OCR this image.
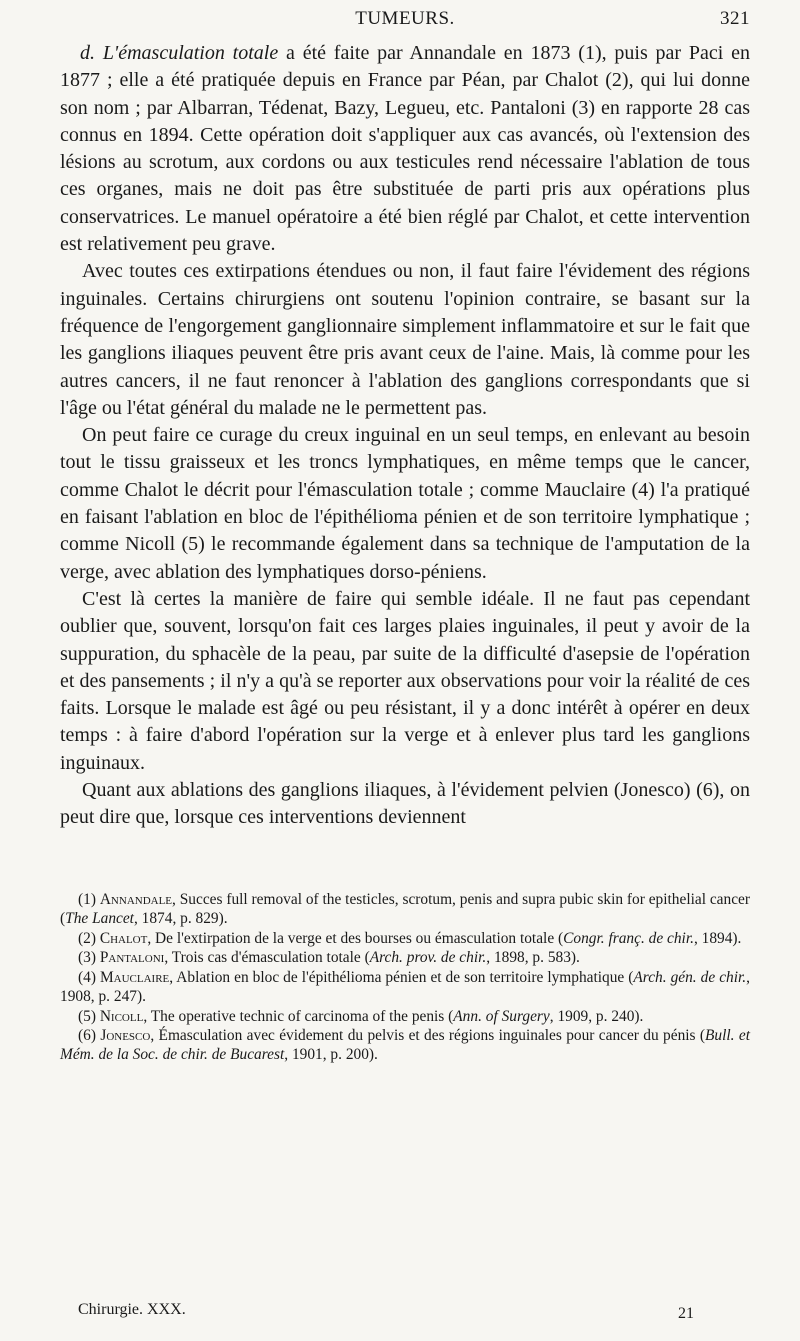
TUMEURS.	321

d. L'émasculation totale a été faite par Annandale en 1873 (1), puis par Paci en 1877 ; elle a été pratiquée depuis en France par Péan, par Chalot (2), qui lui donne son nom ; par Albarran, Tédenat, Bazy, Legueu, etc. Pantaloni (3) en rapporte 28 cas connus en 1894. Cette opération doit s'appliquer aux cas avancés, où l'extension des lésions au scrotum, aux cordons ou aux testicules rend nécessaire l'ablation de tous ces organes, mais ne doit pas être substituée de parti pris aux opérations plus conservatrices. Le manuel opératoire a été bien réglé par Chalot, et cette intervention est relativement peu grave.

Avec toutes ces extirpations étendues ou non, il faut faire l'évidement des régions inguinales. Certains chirurgiens ont soutenu l'opinion contraire, se basant sur la fréquence de l'engorgement ganglionnaire simplement inflammatoire et sur le fait que les ganglions iliaques peuvent être pris avant ceux de l'aine. Mais, là comme pour les autres cancers, il ne faut renoncer à l'ablation des ganglions correspondants que si l'âge ou l'état général du malade ne le permettent pas.

On peut faire ce curage du creux inguinal en un seul temps, en enlevant au besoin tout le tissu graisseux et les troncs lymphatiques, en même temps que le cancer, comme Chalot le décrit pour l'émasculation totale ; comme Mauclaire (4) l'a pratiqué en faisant l'ablation en bloc de l'épithélioma pénien et de son territoire lymphatique ; comme Nicoll (5) le recommande également dans sa technique de l'amputation de la verge, avec ablation des lymphatiques dorso-péniens.

C'est là certes la manière de faire qui semble idéale. Il ne faut pas cependant oublier que, souvent, lorsqu'on fait ces larges plaies inguinales, il peut y avoir de la suppuration, du sphacèle de la peau, par suite de la difficulté d'asepsie de l'opération et des pansements ; il n'y a qu'à se reporter aux observations pour voir la réalité de ces faits. Lorsque le malade est âgé ou peu résistant, il y a donc intérêt à opérer en deux temps : à faire d'abord l'opération sur la verge et à enlever plus tard les ganglions inguinaux.

Quant aux ablations des ganglions iliaques, à l'évidement pelvien (Jonesco) (6), on peut dire que, lorsque ces interventions deviennent

(1) Annandale, Succes full removal of the testicles, scrotum, penis and supra pubic skin for epithelial cancer (The Lancet, 1874, p. 829).

(2) Chalot, De l'extirpation de la verge et des bourses ou émasculation totale (Congr. franç. de chir., 1894).

(3) Pantaloni, Trois cas d'émasculation totale (Arch. prov. de chir., 1898, p. 583).

(4) Mauclaire, Ablation en bloc de l'épithélioma pénien et de son territoire lymphatique (Arch. gén. de chir., 1908, p. 247).

(5) Nicoll, The operative technic of carcinoma of the penis (Ann. of Surgery, 1909, p. 240).

(6) Jonesco, Émasculation avec évidement du pelvis et des régions inguinales pour cancer du pénis (Bull. et Mém. de la Soc. de chir. de Bucarest, 1901, p. 200).

Chirurgie. XXX.	21
